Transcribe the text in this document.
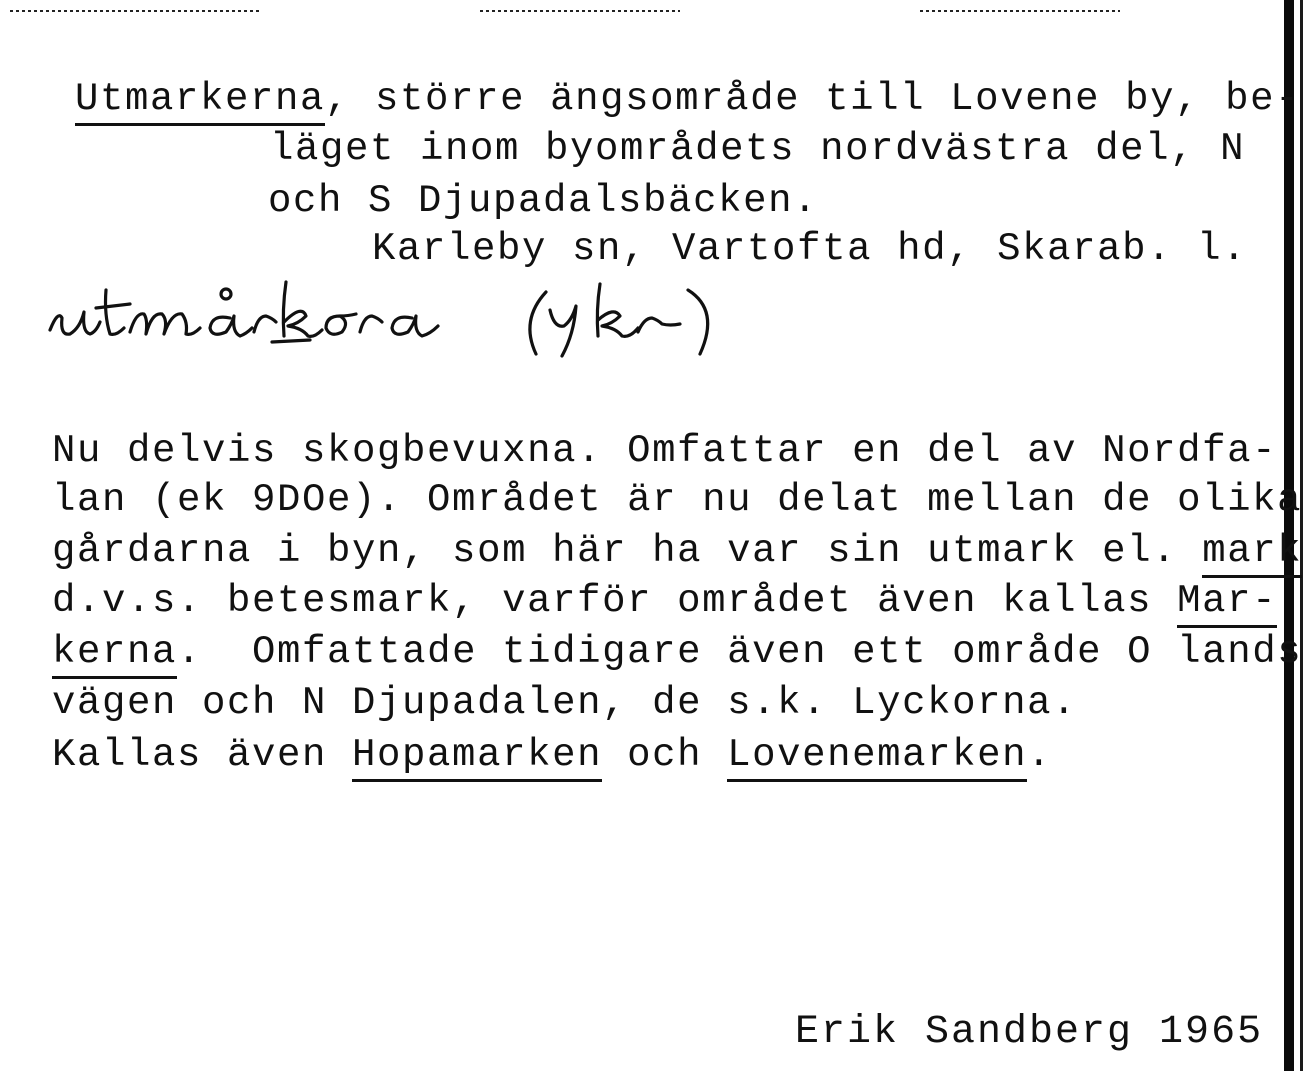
Utmarkerna, större ängsområde till Lovene by, be-
läget inom byområdets nordvästra del, N
och S Djupadalsbäcken.
Karleby sn, Vartofta hd, Skarab. l.
Nu delvis skogbevuxna. Omfattar en del av Nordfa-
lan (ek 9DOe). Området är nu delat mellan de olika
gårdarna i byn, som här ha var sin utmark el. mark
d.v.s. betesmark, varför området även kallas Mar-
kerna.  Omfattade tidigare även ett område O lands
vägen och N Djupadalen, de s.k. Lyckorna.
Kallas även Hopamarken och Lovenemarken.
Erik Sandberg 1965
